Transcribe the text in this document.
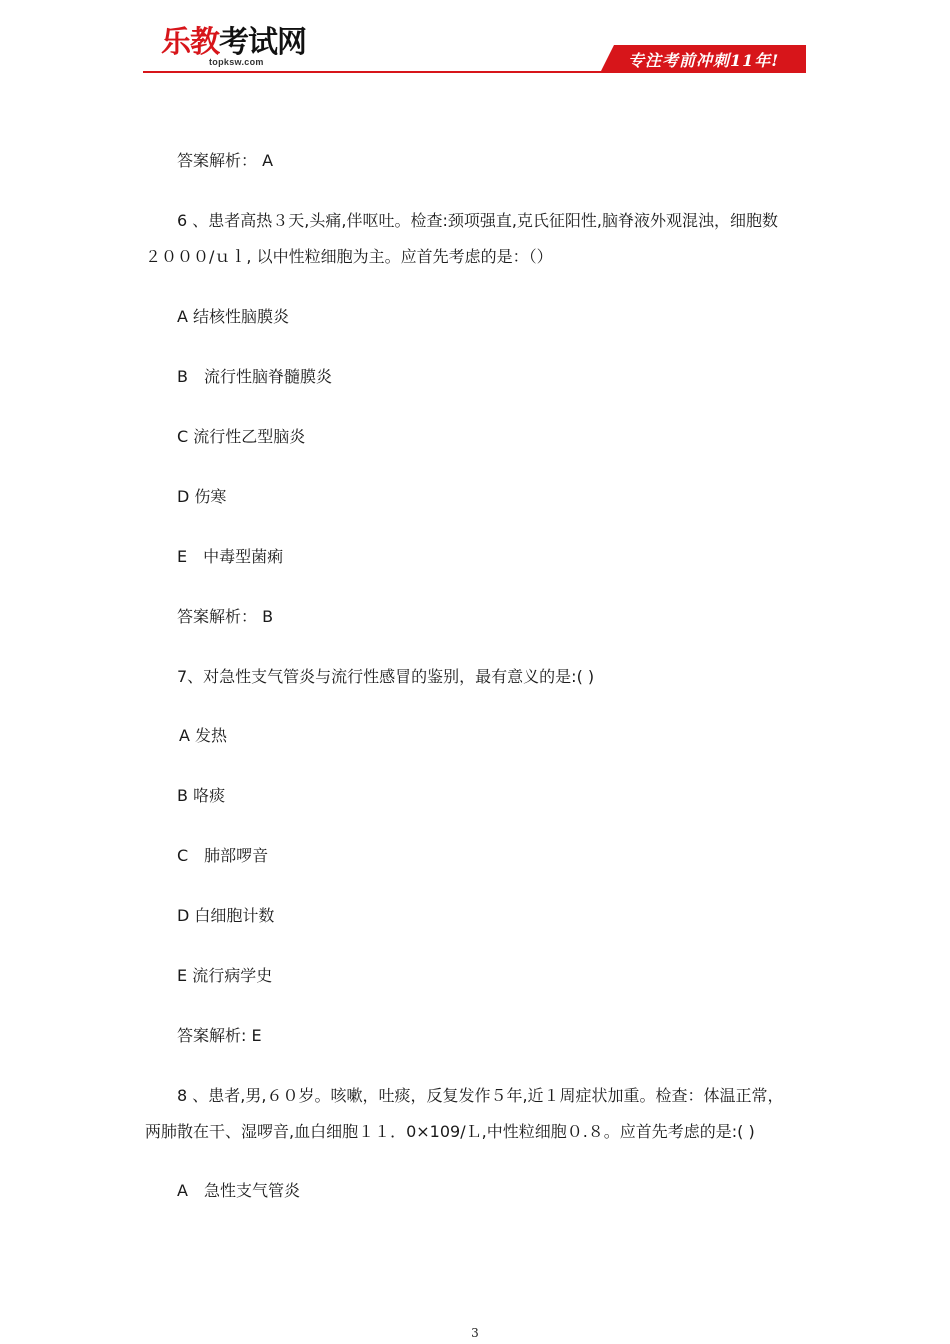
乐教 考试网
topksw.com	专注考前冲刺11年!
答案解析： A
6 、患者高热３天,头痛,伴呕吐。检查:颈项强直,克氏征阳性,脑脊液外观混浊，细胞数
２０００/ｕｌ, 以中性粒细胞为主。应首先考虑的是：（）
A 结核性脑膜炎
B　流行性脑脊髓膜炎
C 流行性乙型脑炎
D 伤寒
E　中毒型菌痢
答案解析： B
7、对急性支气管炎与流行性感冒的鉴别，最有意义的是:( )
A 发热
B 咯痰
C　肺部啰音
D 白细胞计数
E 流行病学史
答案解析: E
8 、患者,男,６０岁。咳嗽，吐痰，反复发作５年,近１周症状加重。检查：体温正常，
两肺散在干、湿啰音,血白细胞１１．0×109/Ｌ,中性粒细胞０.８。应首先考虑的是:( )
A　急性支气管炎
3
